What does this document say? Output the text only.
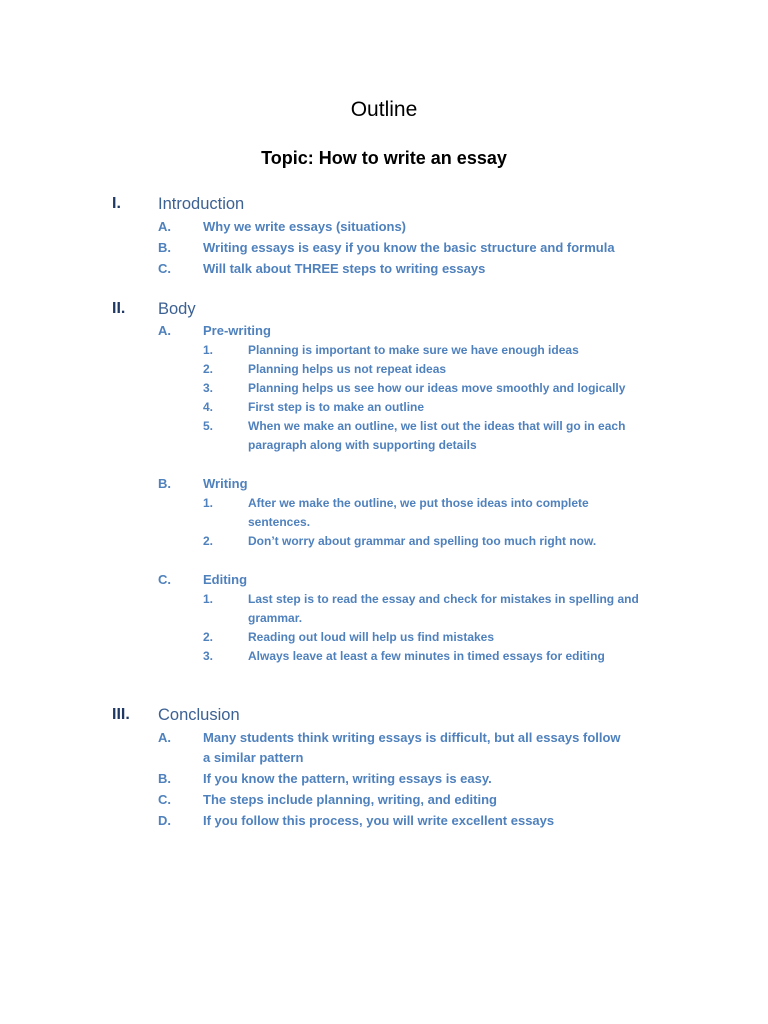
Outline
Topic: How to write an essay
I. Introduction
A. Why we write essays (situations)
B. Writing essays is easy if you know the basic structure and formula
C. Will talk about THREE steps to writing essays
II. Body
A. Pre-writing
1.	Planning is important to make sure we have enough ideas
2.	Planning helps us not repeat ideas
3.	Planning helps us see how our ideas move smoothly and logically
4.	First step is to make an outline
5.	When we make an outline, we list out the ideas that will go in each paragraph along with supporting details
B. Writing
1.	After we make the outline, we put those ideas into complete sentences.
2.	Don’t worry about grammar and spelling too much right now.
C. Editing
1.	Last step is to read the essay and check for mistakes in spelling and grammar.
2.	Reading out loud will help us find mistakes
3.	Always leave at least a few minutes in timed essays for editing
III. Conclusion
A. Many students think writing essays is difficult, but all essays follow a similar pattern
B. If you know the pattern, writing essays is easy.
C. The steps include planning, writing, and editing
D. If you follow this process, you will write excellent essays
